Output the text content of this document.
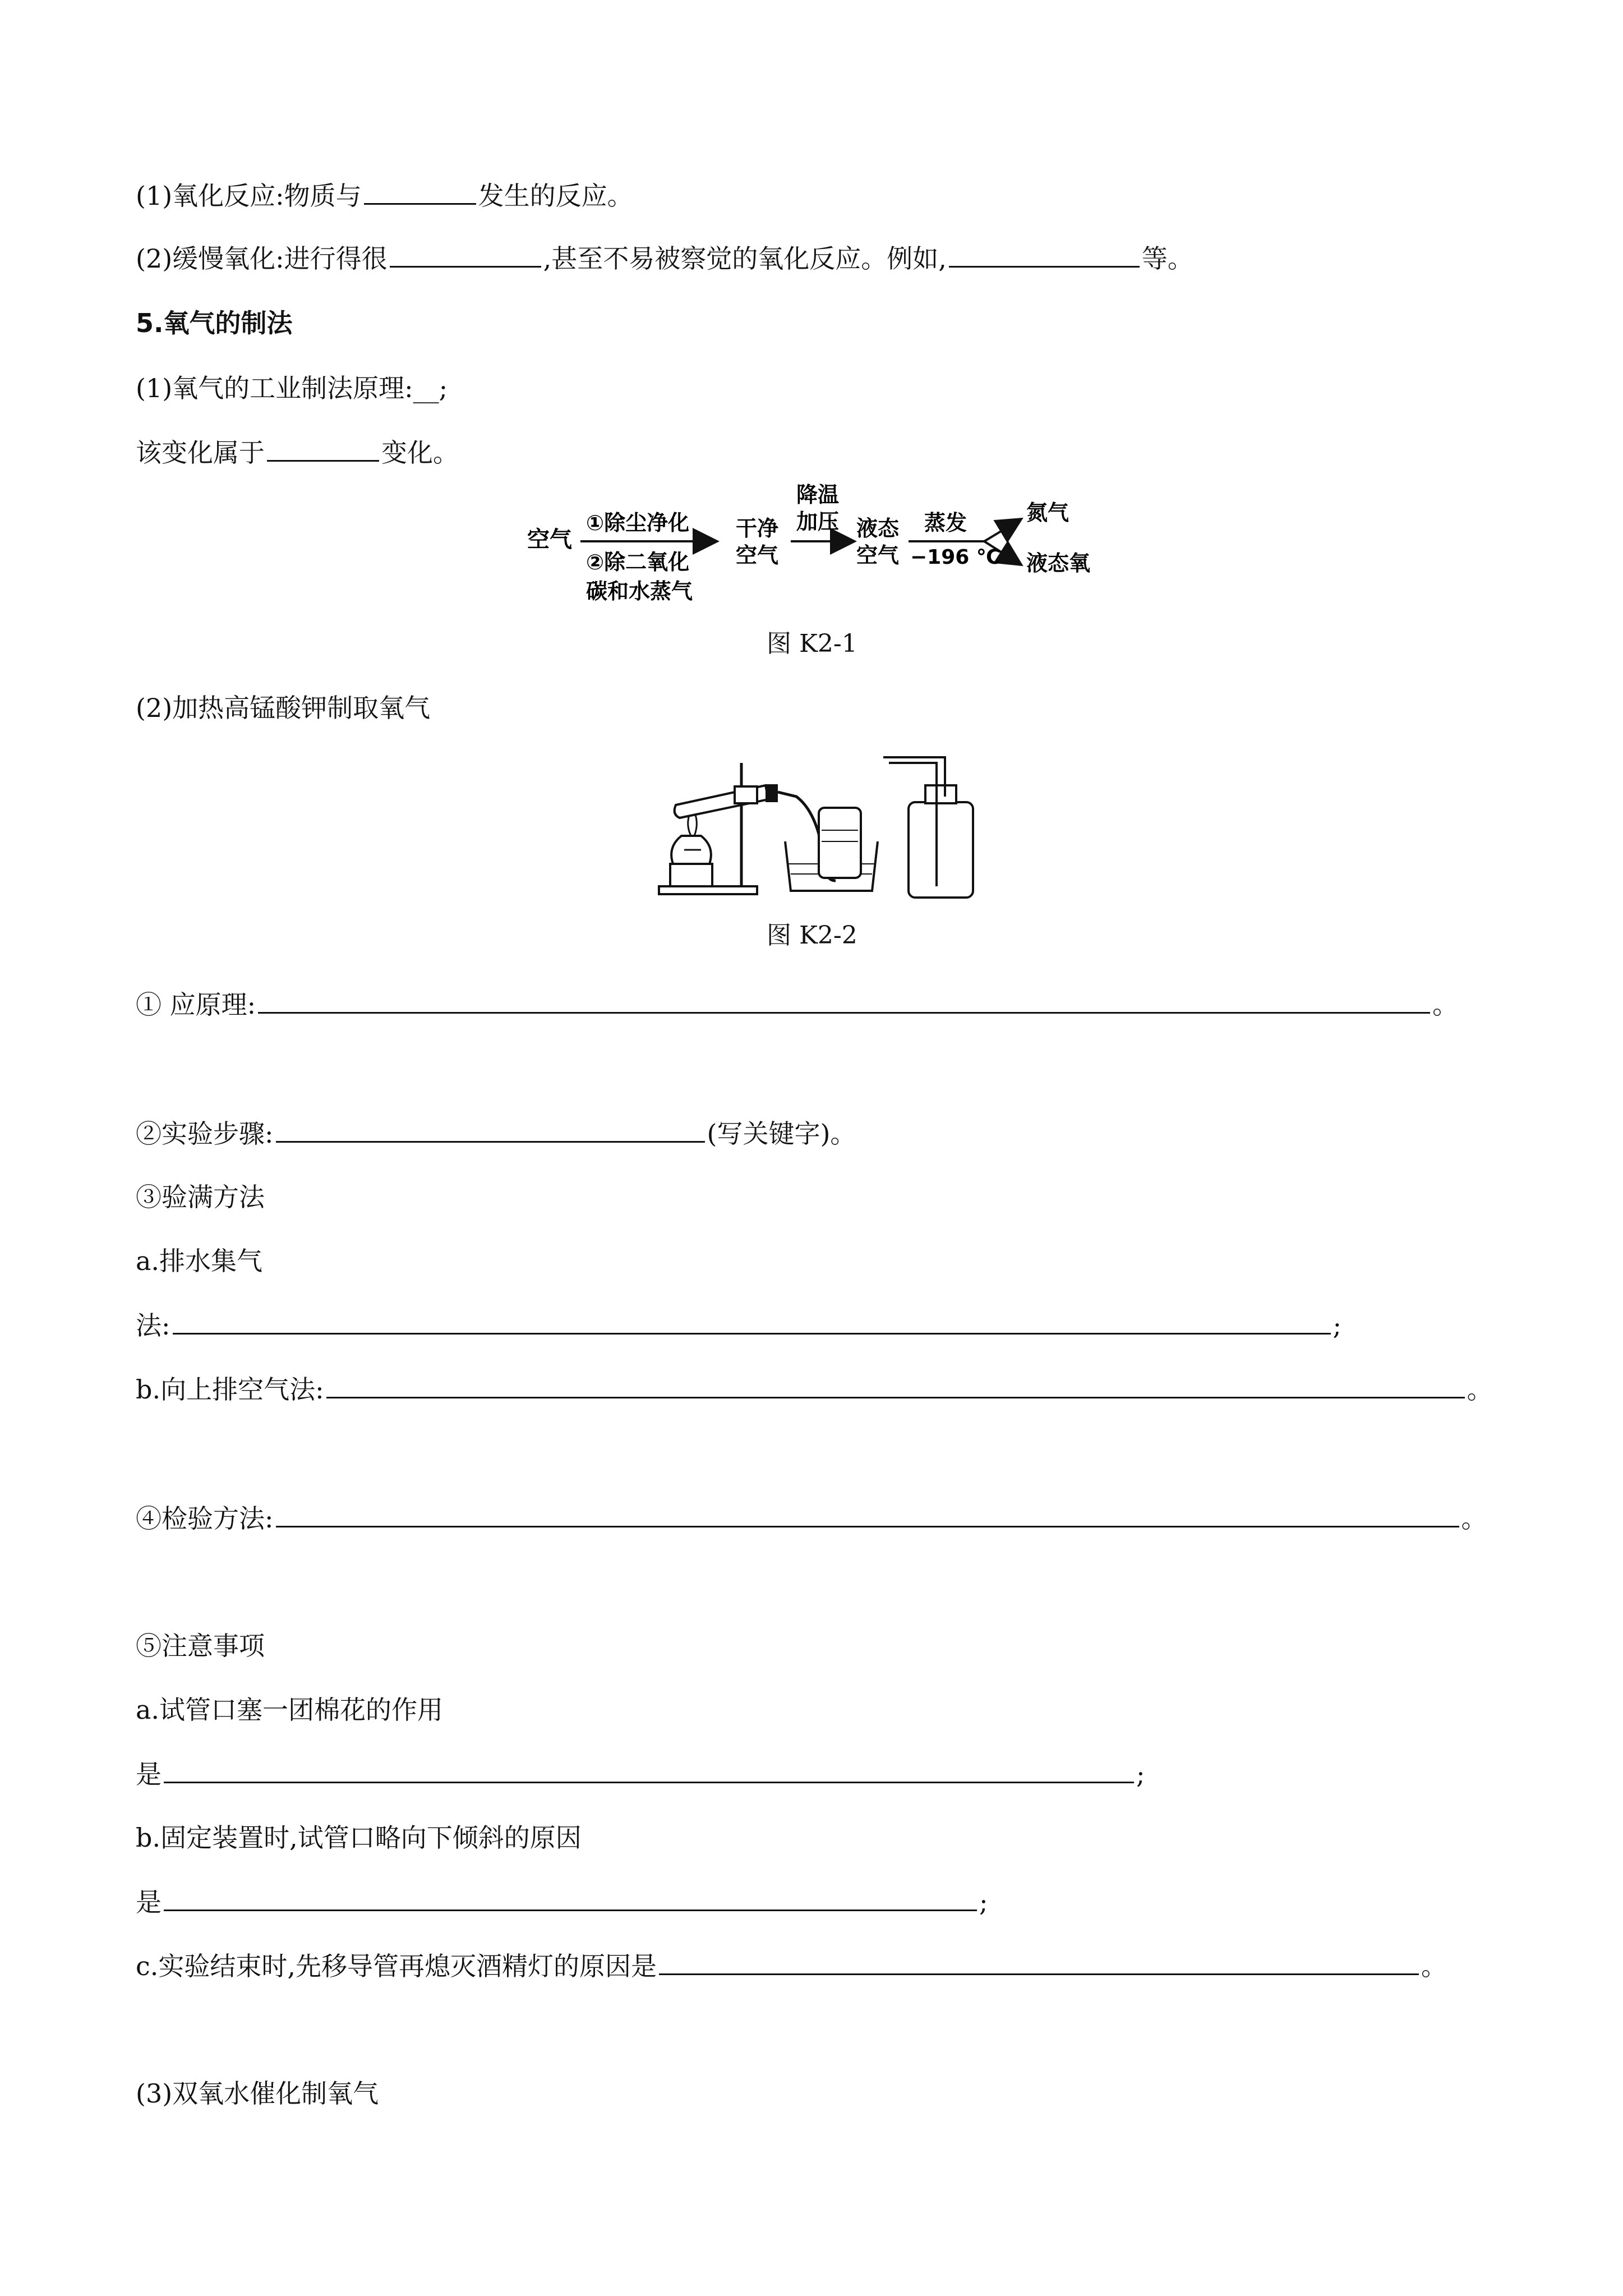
(1)氧化反应:物质与	发生的反应。
(2)缓慢氧化:进行得很	,甚至不易被察觉的氧化反应。例如,	等。
5.氧气的制法
(1)氧气的工业制法原理:__;
该变化属于	变化。
空气
①除尘净化
②除二氧化
碳和水蒸气
干净
空气
降温
加压 液态
空气
蒸发
−196 ℃
氮气
液态氧
图 K2-1
(2)加热高锰酸钾制取氧气
图 K2-2
① 应原理:	。
②实验步骤:	(写关键字)。
③验满方法
a.排水集气
法:	;
b.向上排空气法:	。
④检验方法:	。
⑤注意事项
a.试管口塞一团棉花的作用
是	;
b.固定装置时,试管口略向下倾斜的原因
是	;
c.实验结束时,先移导管再熄灭酒精灯的原因是	。
(3)双氧水催化制氧气
